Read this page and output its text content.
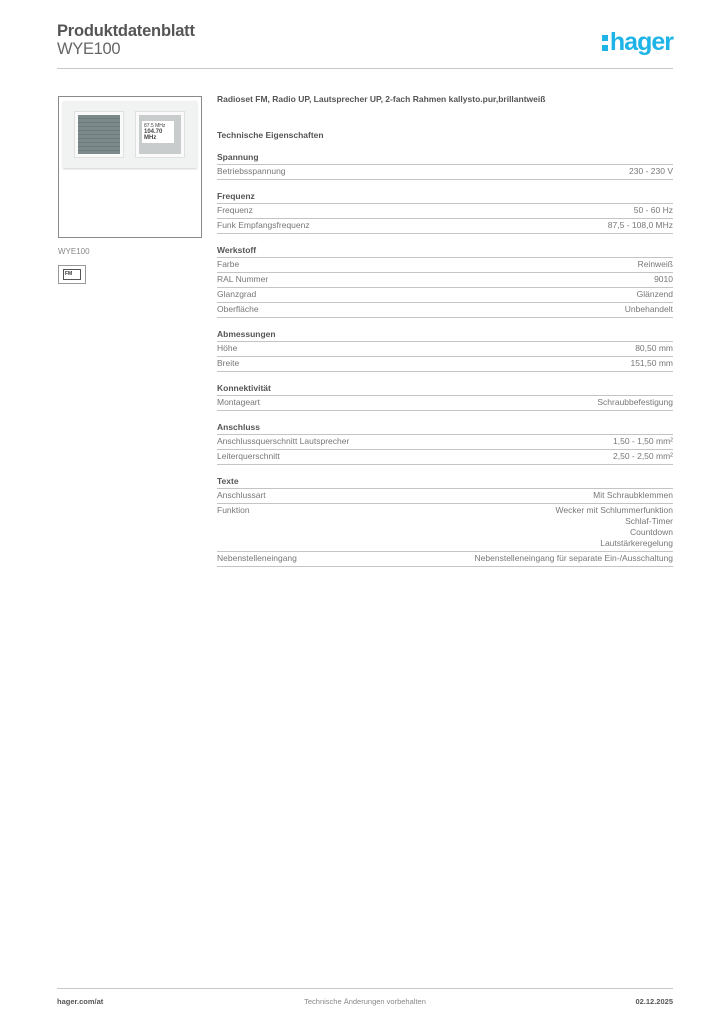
Produktdatenblatt
WYE100	hager
87.5 MHz
104.70 MHz
WYE100
FM
Radioset FM, Radio UP, Lautsprecher UP, 2-fach Rahmen kallysto.pur,brillantweiß
Technische Eigenschaften
Spannung
Betriebsspannung	230 - 230 V
Frequenz
Frequenz	50 - 60 Hz
Funk Empfangsfrequenz	87,5 - 108,0 MHz
Werkstoff
Farbe	Reinweiß
RAL Nummer	9010
Glanzgrad	Glänzend
Oberfläche	Unbehandelt
Abmessungen
Höhe	80,50 mm
Breite	151,50 mm
Konnektivität
Montageart	Schraubbefestigung
Anschluss
Anschlussquerschnitt Lautsprecher	1,50 - 1,50 mm²
Leiterquerschnitt	2,50 - 2,50 mm²
Texte
Anschlussart	Mit Schraubklemmen
Funktion	Wecker mit Schlummerfunktion
Schlaf-Timer
Countdown
Lautstärkeregelung
Nebenstelleneingang	Nebenstelleneingang für separate Ein-/Ausschaltung
hager.com/at	Technische Änderungen vorbehalten	02.12.2025
